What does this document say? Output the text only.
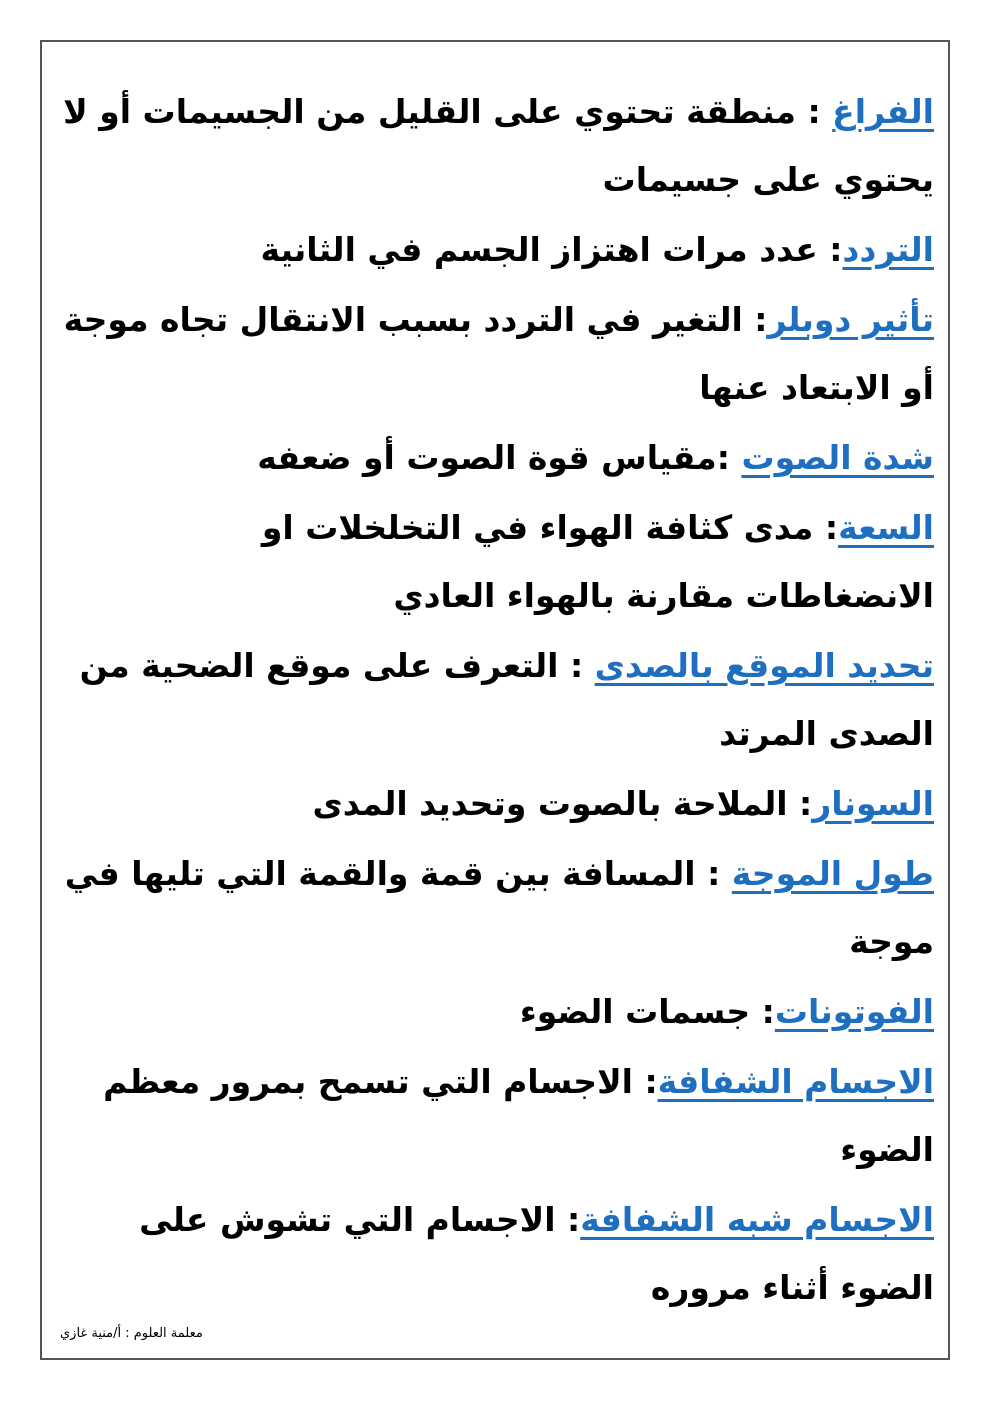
الفراغ : منطقة تحتوي على القليل من الجسيمات أو لا يحتوي على جسيمات

التردد: عدد مرات اهتزاز الجسم في الثانية

تأثير دوبلر: التغير في التردد بسبب الانتقال تجاه موجة أو الابتعاد عنها

شدة الصوت :مقياس قوة الصوت أو ضعفه

السعة: مدى كثافة الهواء في التخلخلات او الانضغاطات مقارنة بالهواء العادي

تحديد الموقع بالصدى : التعرف على موقع الضحية من الصدى المرتد

السونار: الملاحة بالصوت وتحديد المدى

طول الموجة : المسافة بين قمة والقمة التي تليها في موجة

الفوتونات: جسمات الضوء

الاجسام الشفافة: الاجسام التي تسمح بمرور معظم الضوء

الاجسام شبه الشفافة: الاجسام التي تشوش على الضوء أثناء مروره

معلمة العلوم : أ/منية غازي
